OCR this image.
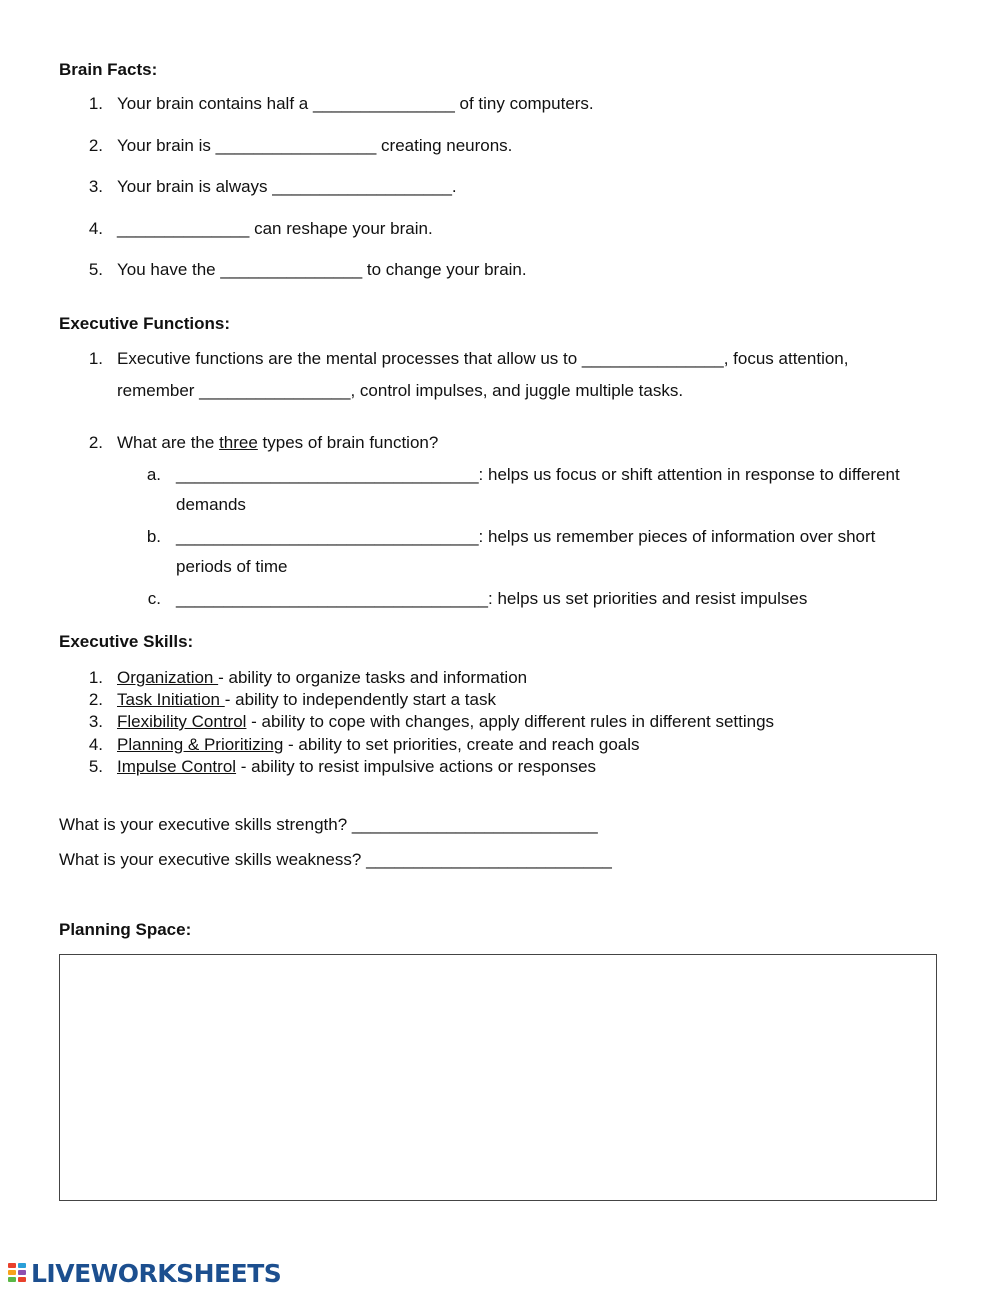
Brain Facts:
1. Your brain contains half a _______________ of tiny computers.
2. Your brain is _________________ creating neurons.
3. Your brain is always ___________________.
4. ______________ can reshape your brain.
5. You have the _______________ to change your brain.
Executive Functions:
1. Executive functions are the mental processes that allow us to _______________, focus attention,
remember ________________, control impulses, and juggle multiple tasks.
2. What are the three types of brain function?
a. ________________________________: helps us focus or shift attention in response to different
demands
b. ________________________________: helps us remember pieces of information over short
periods of time
c. _________________________________: helps us set priorities and resist impulses
Executive Skills:
1. Organization - ability to organize tasks and information
2. Task Initiation - ability to independently start a task
3. Flexibility Control - ability to cope with changes, apply different rules in different settings
4. Planning & Prioritizing - ability to set priorities, create and reach goals
5. Impulse Control - ability to resist impulsive actions or responses
What is your executive skills strength? __________________________
What is your executive skills weakness? __________________________
Planning Space:
LIVEWORKSHEETS
